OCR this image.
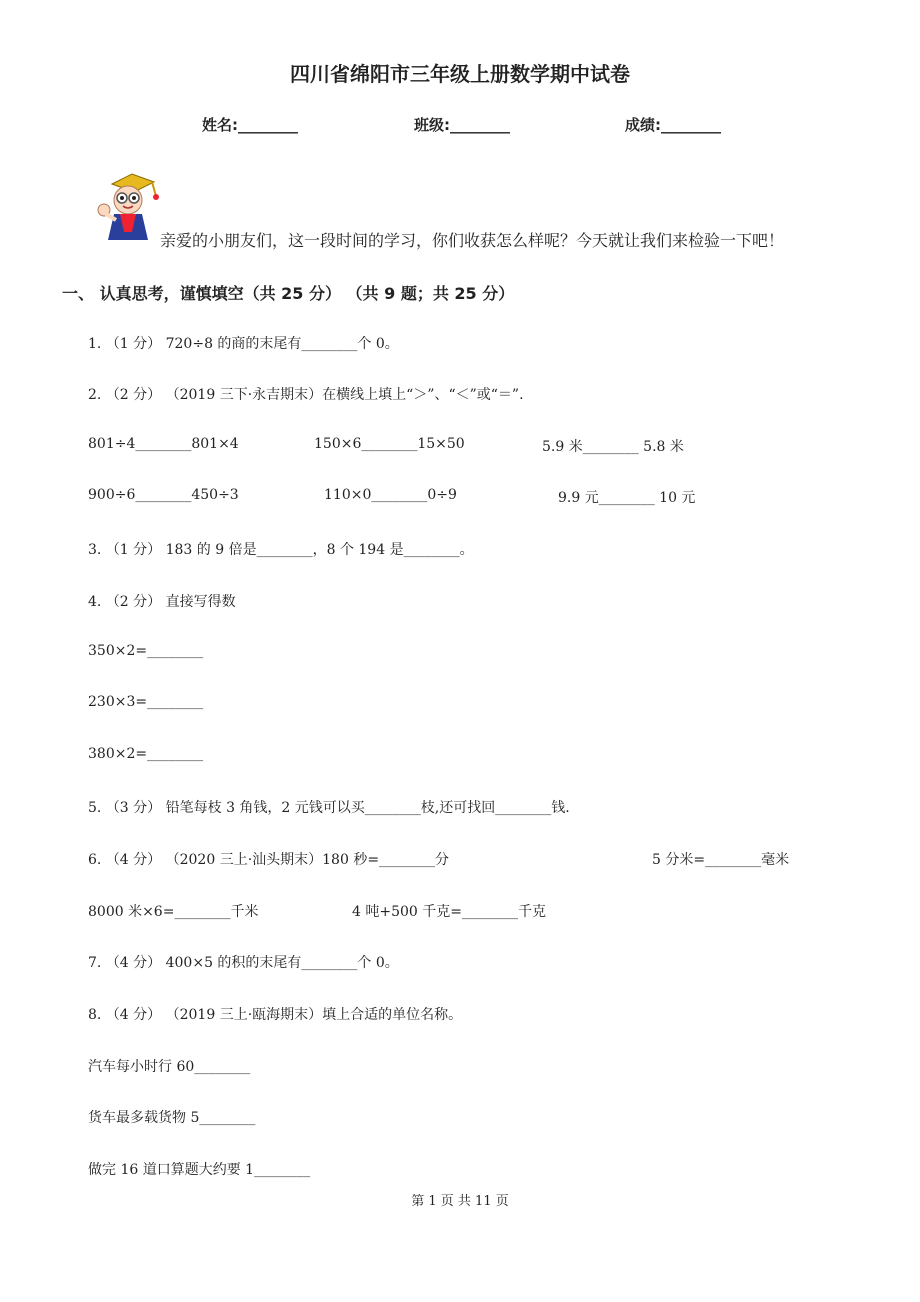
四川省绵阳市三年级上册数学期中试卷
姓名:________	班级:________	成绩:________
亲爱的小朋友们，这一段时间的学习，你们收获怎么样呢？今天就让我们来检验一下吧！
一、 认真思考，谨慎填空（共 25 分） （共 9 题；共 25 分）
1. （1 分） 720÷8 的商的末尾有________个 0。
2. （2 分） （2019 三下·永吉期末）在横线上填上“＞”、“＜”或“＝”.
801÷4________801×4	150×6________15×50	5.9 米________ 5.8 米
900÷6________450÷3	110×0________0÷9	9.9 元________ 10 元
3. （1 分） 183 的 9 倍是________，8 个 194 是________。
4. （2 分） 直接写得数
350×2=________
230×3=________
380×2=________
5. （3 分） 铅笔每枝 3 角钱，2 元钱可以买________枝,还可找回________钱.
6. （4 分） （2020 三上·汕头期末）180 秒=________分	5 分米=________毫米
8000 米×6=________千米	4 吨+500 千克=________千克
7. （4 分） 400×5 的积的末尾有________个 0。
8. （4 分） （2019 三上·瓯海期末）填上合适的单位名称。
汽车每小时行 60________
货车最多载货物 5________
做完 16 道口算题大约要 1________
第 1 页 共 11 页
